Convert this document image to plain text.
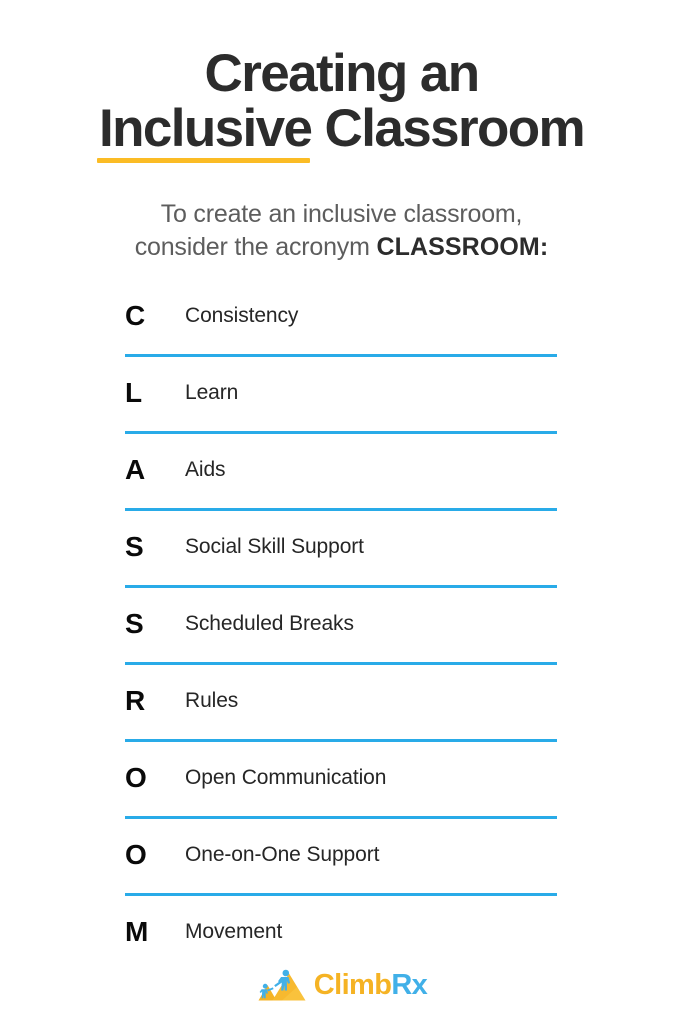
Creating an
Inclusive Classroom

To create an inclusive classroom,
consider the acronym CLASSROOM:

C	Consistency
L	Learn
A	Aids
S	Social Skill Support
S	Scheduled Breaks
R	Rules
O	Open Communication
O	One-on-One Support
M	Movement
ClimbRx
